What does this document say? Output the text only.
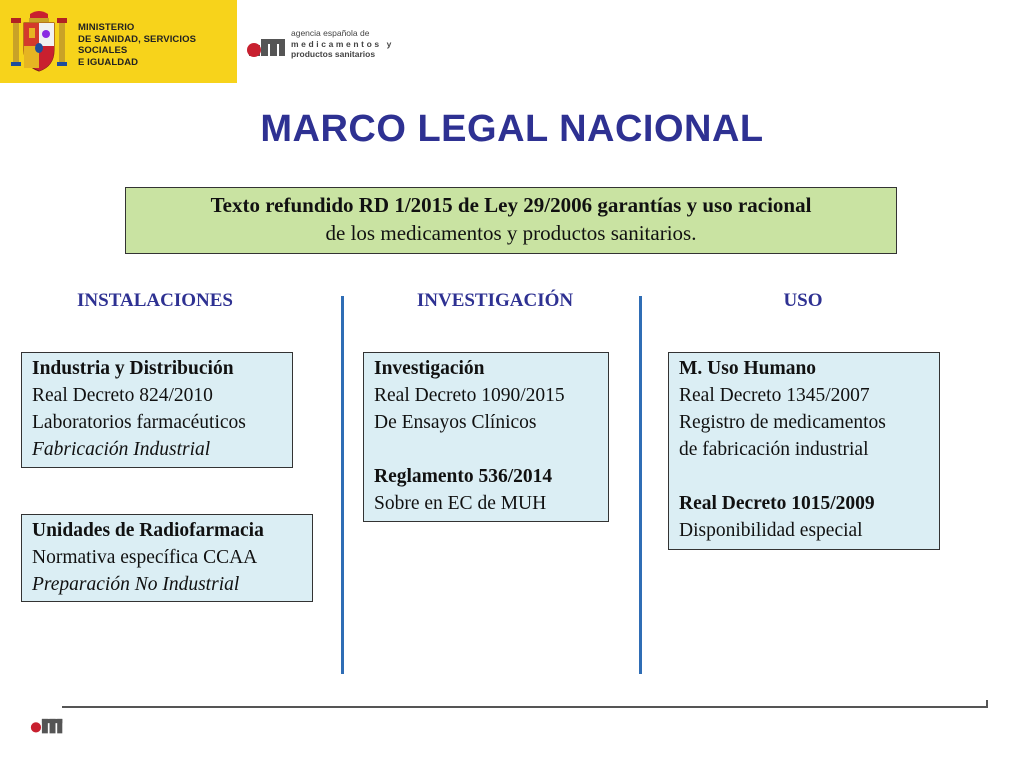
MINISTERIO
DE SANIDAD, SERVICIOS SOCIALES
E IGUALDAD
agencia española de
medicamentos y
productos sanitarios
MARCO LEGAL NACIONAL
Texto refundido RD 1/2015 de Ley 29/2006 garantías y uso racional
de los medicamentos y productos sanitarios.
INSTALACIONES	INVESTIGACIÓN	USO
Industria y Distribución
Real Decreto 824/2010
Laboratorios farmacéuticos
Fabricación Industrial
Unidades de Radiofarmacia
Normativa específica CCAA
Preparación No Industrial
Investigación
Real Decreto 1090/2015
De Ensayos Clínicos
Reglamento 536/2014
Sobre en EC de MUH
M. Uso Humano
Real Decreto 1345/2007
Registro de medicamentos
de fabricación industrial
Real Decreto 1015/2009
Disponibilidad especial
